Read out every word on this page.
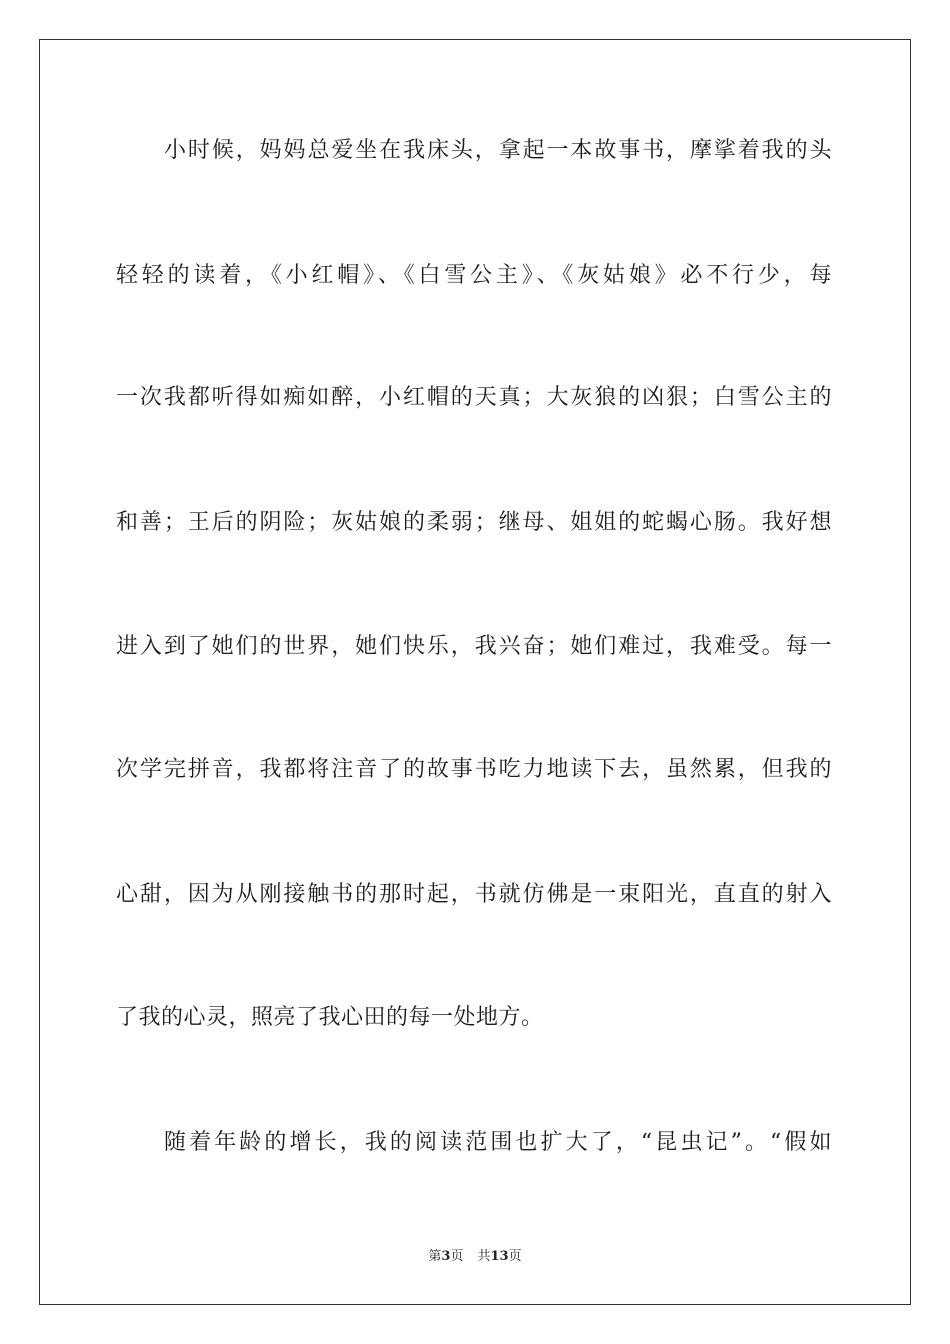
小时候，妈妈总爱坐在我床头，拿起一本故事书，摩挲着我的头
轻轻的读着，《小红帽》、《白雪公主》、《灰姑娘》必不行少，每
一次我都听得如痴如醉，小红帽的天真；大灰狼的凶狠；白雪公主的
和善；王后的阴险；灰姑娘的柔弱；继母、姐姐的蛇蝎心肠。我好想
进入到了她们的世界，她们快乐，我兴奋；她们难过，我难受。每一
次学完拼音，我都将注音了的故事书吃力地读下去，虽然累，但我的
心甜，因为从刚接触书的那时起，书就仿佛是一束阳光，直直的射入
了我的心灵，照亮了我心田的每一处地方。
随着年龄的增长，我的阅读范围也扩大了，“昆虫记”。“假如
第3页 共13页
